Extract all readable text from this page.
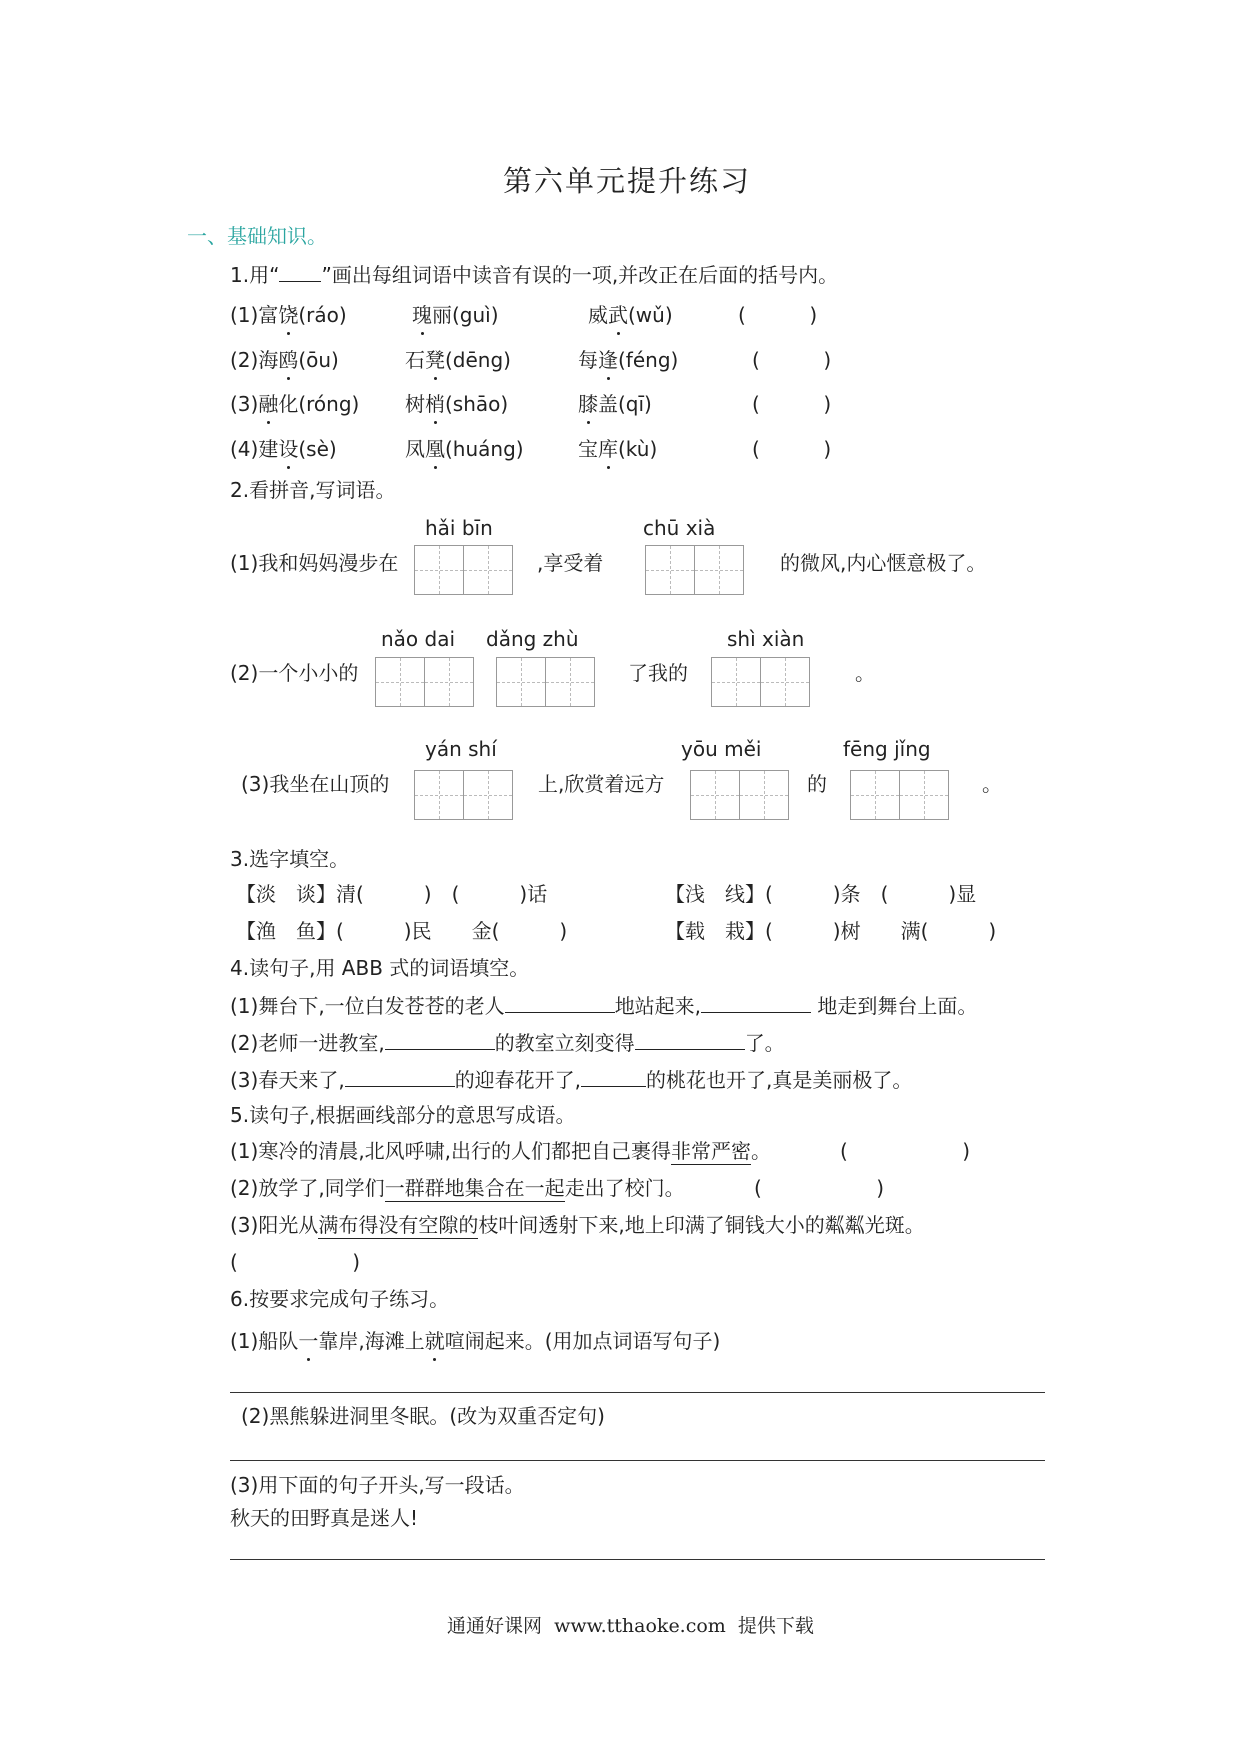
第六单元提升练习
一、基础知识。
1.用“ ”画出每组词语中读音有误的一项,并改正在后面的括号内。
(1)富饶(ráo)	瑰丽(guì)	威武(wǔ)	(          )
(2)海鸥(ōu)	石凳(dēng)	每逢(féng)	(          )
(3)融化(róng) 树梢(shāo)	膝盖(qī)	(          )
(4)建设(sè)	凤凰(huáng)	宝库(kù)	(          )
2.看拼音,写词语。
hǎi bīn	chū xià
(1)我和妈妈漫步在	,享受着	的微风,内心惬意极了。
nǎo dai dǎng zhù	shì xiàn
(2)一个小小的	了我的	。
yán shí	yōu měi	fēng jǐng
(3)我坐在山顶的	上,欣赏着远方	的	。
3.选字填空。
【淡　谈】清(　　　)　(　　　)话	【浅　线】(　　　)条　(　　　)显
【渔　鱼】(　　　)民　　金(　　　)	【载　栽】(　　　)树　　满(　　　)
4.读句子,用 ABB 式的词语填空。
(1)舞台下,一位白发苍苍的老人	地站起来,	地走到舞台上面。
(2)老师一进教室,	的教室立刻变得	了。
(3)春天来了,	的迎春花开了,	的桃花也开了,真是美丽极了。
5.读句子,根据画线部分的意思写成语。
(1)寒冷的清晨,北风呼啸,出行的人们都把自己裹得非常严密。	(                  )
(2)放学了,同学们一群群地集合在一起走出了校门。	(                  )
(3)阳光从满布得没有空隙的枝叶间透射下来,地上印满了铜钱大小的粼粼光斑。
(                  )
6.按要求完成句子练习。
(1)船队一靠岸,海滩上就喧闹起来。(用加点词语写句子)
(2)黑熊躲进洞里冬眠。(改为双重否定句)
(3)用下面的句子开头,写一段话。
秋天的田野真是迷人!
通通好课网  www.tthaoke.com  提供下载
